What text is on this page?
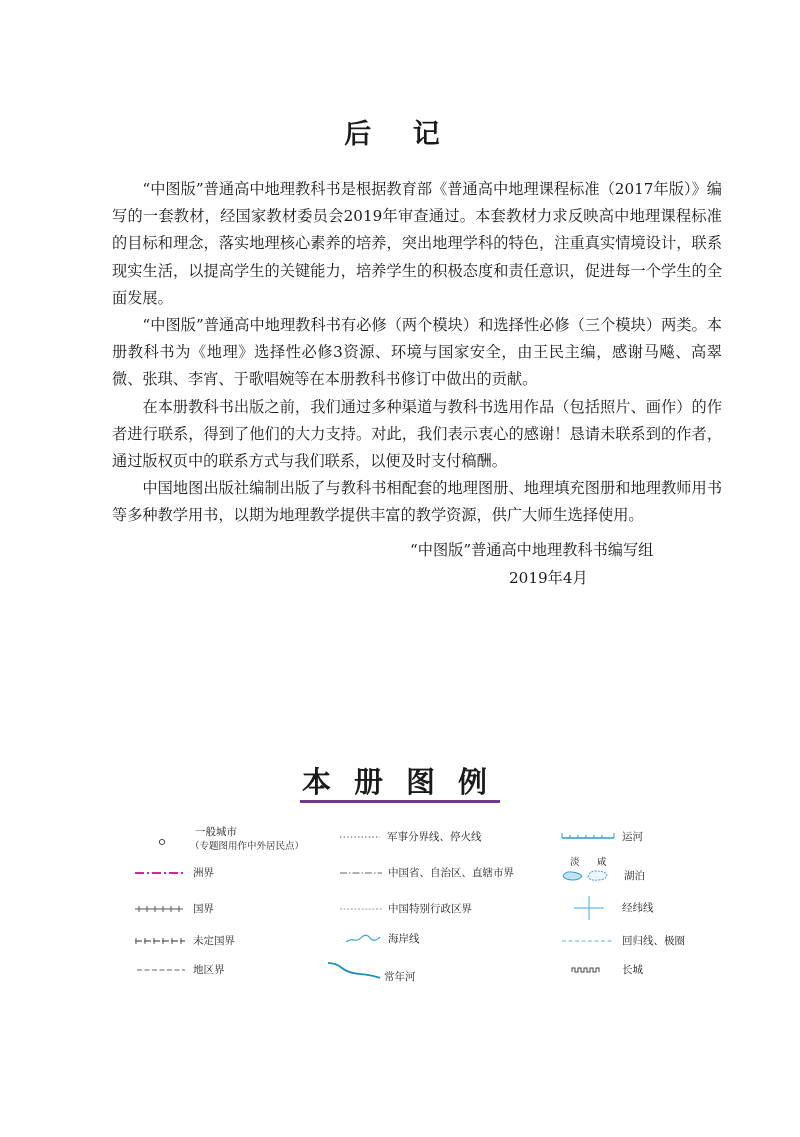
后 记

“中图版”普通高中地理教科书是根据教育部《普通高中地理课程标准（2017年版）》编写的一套教材，经国家教材委员会2019年审查通过。本套教材力求反映高中地理课程标准的目标和理念，落实地理核心素养的培养，突出地理学科的特色，注重真实情境设计，联系现实生活，以提高学生的关键能力，培养学生的积极态度和责任意识，促进每一个学生的全面发展。

“中图版”普通高中地理教科书有必修（两个模块）和选择性必修（三个模块）两类。本册教科书为《地理》选择性必修3资源、环境与国家安全，由王民主编，感谢马飚、高翠微、张琪、李宵、于歌唱婉等在本册教科书修订中做出的贡献。

在本册教科书出版之前，我们通过多种渠道与教科书选用作品（包括照片、画作）的作者进行联系，得到了他们的大力支持。对此，我们表示衷心的感谢！恳请未联系到的作者，通过版权页中的联系方式与我们联系，以便及时支付稿酬。

中国地图出版社编制出版了与教科书相配套的地理图册、地理填充图册和地理教师用书等多种教学用书，以期为地理教学提供丰富的教学资源，供广大师生选择使用。

“中图版”普通高中地理教科书编写组
2019年4月
本册图例
一般城市
（专题图用作中外居民点）
洲界
国界
未定国界
地区界
军事分界线、停火线
中国省、自治区、直辖市界
中国特别行政区界
海岸线
常年河
运河
淡 咸
湖泊
经纬线
回归线、极圈
长城
